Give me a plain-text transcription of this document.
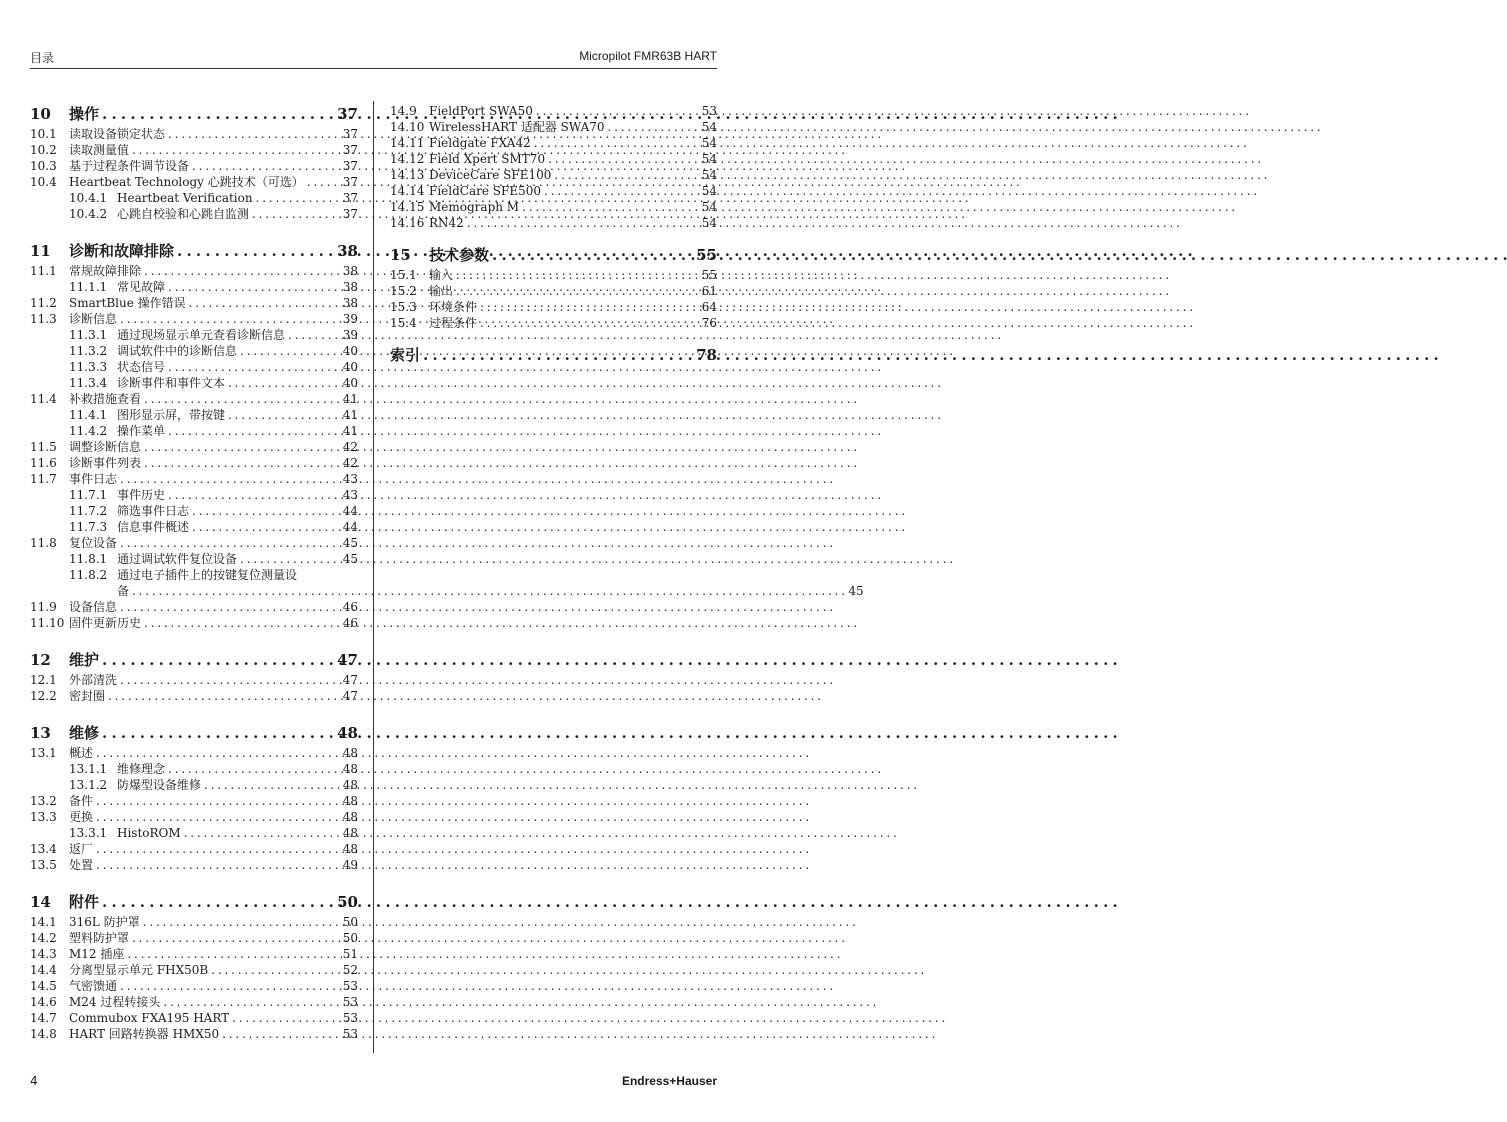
目录	Micropilot FMR63B HART
10	操作 . . .	37
10.1	读取设备锁定状态 . . .	37
10.2	读取测量值 . . .	37
10.3	基于过程条件调节设备 . . .	37
10.4	Heartbeat Technology 心跳技术（可选） . . .	37
10.4.1 Heartbeat Verification . . .	37
10.4.2 心跳自校验和心跳自监测 . . .	37
11	诊断和故障排除 . . .	38
11.1	常规故障排除 . . .	38
11.1.1 常见故障 . . .	38
11.2	SmartBlue 操作错误 . . .	38
11.3	诊断信息 . . .	39
11.3.1 通过现场显示单元查看诊断信息 . . .	39
11.3.2 调试软件中的诊断信息 . . .	40
11.3.3 状态信号 . . .	40
11.3.4 诊断事件和事件文本 . . .	40
11.4	补救措施查看 . . .	41
11.4.1 图形显示屏，带按键 . . .	41
11.4.2 操作菜单 . . .	41
11.5	调整诊断信息 . . .	42
11.6	诊断事件列表 . . .	42
11.7	事件日志 . . .	43
11.7.1 事件历史 . . .	43
11.7.2 筛选事件日志 . . .	44
11.7.3 信息事件概述 . . .	44
11.8	复位设备 . . .	45
11.8.1 通过调试软件复位设备 . . .	45
11.8.2 通过电子插件上的按键复位测量设
备 . . .	45
11.9	设备信息 . . .	46
11.10 固件更新历史 . . .	46
12	维护 . . .	47
12.1	外部清洗 . . .	47
12.2	密封圈 . . .	47
13	维修 . . .	48
13.1	概述 . . .	48
13.1.1 维修理念 . . .	48
13.1.2 防爆型设备维修 . . .	48
13.2	备件 . . .	48
13.3	更换 . . .	48
13.3.1 HistoROM . . .	48
13.4	返厂 . . .	48
13.5	处置 . . .	49
14	附件 . . .	50
14.1	316L 防护罩 . . .	50
14.2	塑料防护罩 . . .	50
14.3	M12 插座 . . .	51
14.4	分离型显示单元 FHX50B . . .	52
14.5	气密馈通 . . .	53
14.6	M24 过程转接头 . . .	53
14.7	Commubox FXA195 HART . . .	53
14.8	HART 回路转换器 HMX50 . . .	53
14.9	FieldPort SWA50 . . .	53
14.10 WirelessHART 适配器 SWA70 . . .	54
14.11 Fieldgate FXA42 . . .	54
14.12 Field Xpert SMT70 . . .	54
14.13 DeviceCare SFE100 . . .	54
14.14 FieldCare SFE500 . . .	54
14.15 Memograph M . . .	54
14.16 RN42 . . .	54
15	技术参数 . . .	55
15.1	输入 . . .	55
15.2	输出 . . .	61
15.3	环境条件 . . .	64
15.4	过程条件 . . .	76
索引 . . .	78
4	Endress+Hauser
